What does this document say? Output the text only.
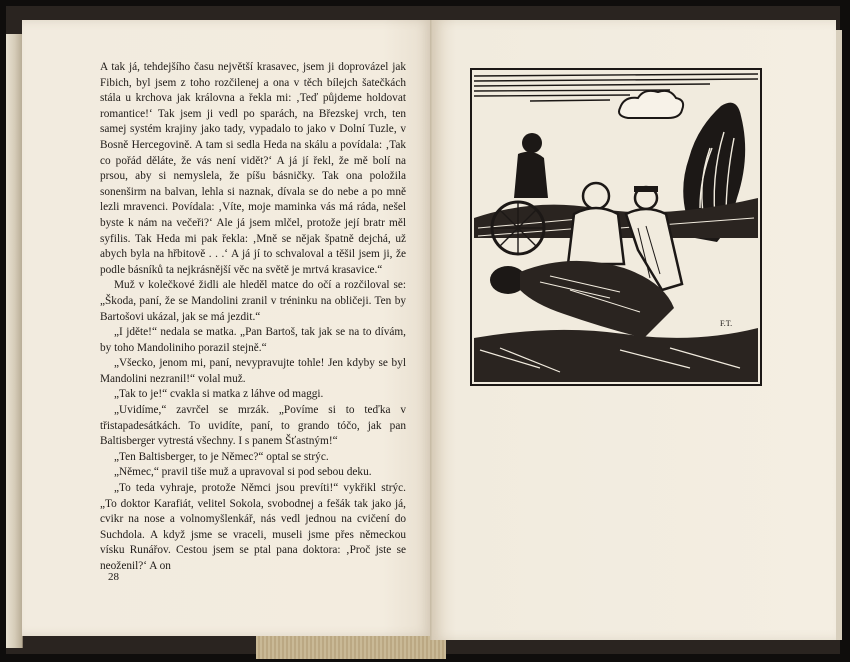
A tak já, tehdejšího času největší krasavec, jsem ji doprovázel jak Fibich, byl jsem z toho rozčilenej a ona v těch bílejch šatečkách stála u krchova jak královna a řekla mi: ‚Teď půjdeme holdovat romantice!‘ Tak jsem ji vedl po sparách, na Březskej vrch, ten samej systém krajiny jako tady, vypadalo to jako v Dolní Tuzle, v Bosně Hercegovině. A tam si sedla Heda na skálu a povídala: ‚Tak co pořád děláte, že vás není vidět?‘ A já jí řekl, že mě bolí na prsou, aby si nemyslela, že píšu básničky. Tak ona položila sonenširm na balvan, lehla si naznak, dívala se do nebe a po mně lezli mravenci. Povídala: ‚Víte, moje maminka vás má ráda, nešel byste k nám na večeři?‘ Ale já jsem mlčel, protože její bratr měl syfilis. Tak Heda mi pak řekla: ‚Mně se nějak špatně dejchá, už abych byla na hřbitově . . .‘ A já jí to schvaloval a těšil jsem ji, že podle básníků ta nejkrásnější věc na světě je mrtvá krasavice.“

Muž v kolečkové židli ale hleděl matce do očí a rozčiloval se: „Škoda, paní, že se Mandolini zranil v tréninku na obličeji. Ten by Bartošovi ukázal, jak se má jezdit.“

„I jděte!“ nedala se matka. „Pan Bartoš, tak jak se na to dívám, by toho Mandoliniho porazil stejně.“

„Všecko, jenom mi, paní, nevypravujte tohle! Jen kdyby se byl Mandolini nezranil!“ volal muž.

„Tak to je!“ cvakla si matka z láhve od maggi.

„Uvidíme,“ zavrčel se mrzák. „Povíme si to teďka v třistapadesátkách. To uvidíte, paní, to grando tóčo, jak pan Baltisberger vytrestá všechny. I s panem Šťastným!“

„Ten Baltisberger, to je Němec?“ optal se strýc.

„Němec,“ pravil tiše muž a upravoval si pod sebou deku.

„To teda vyhraje, protože Němci jsou prevíti!“ vykřikl strýc. „To doktor Karafiát, velitel Sokola, svobodnej a fešák tak jako já, cvikr na nose a volnomyšlenkář, nás vedl jednou na cvičení do Suchdola. A když jsme se vraceli, museli jsme přes německou vísku Runářov. Cestou jsem se ptal pana doktora: ‚Proč jste se neoženil?‘ A on

28
F.T.
